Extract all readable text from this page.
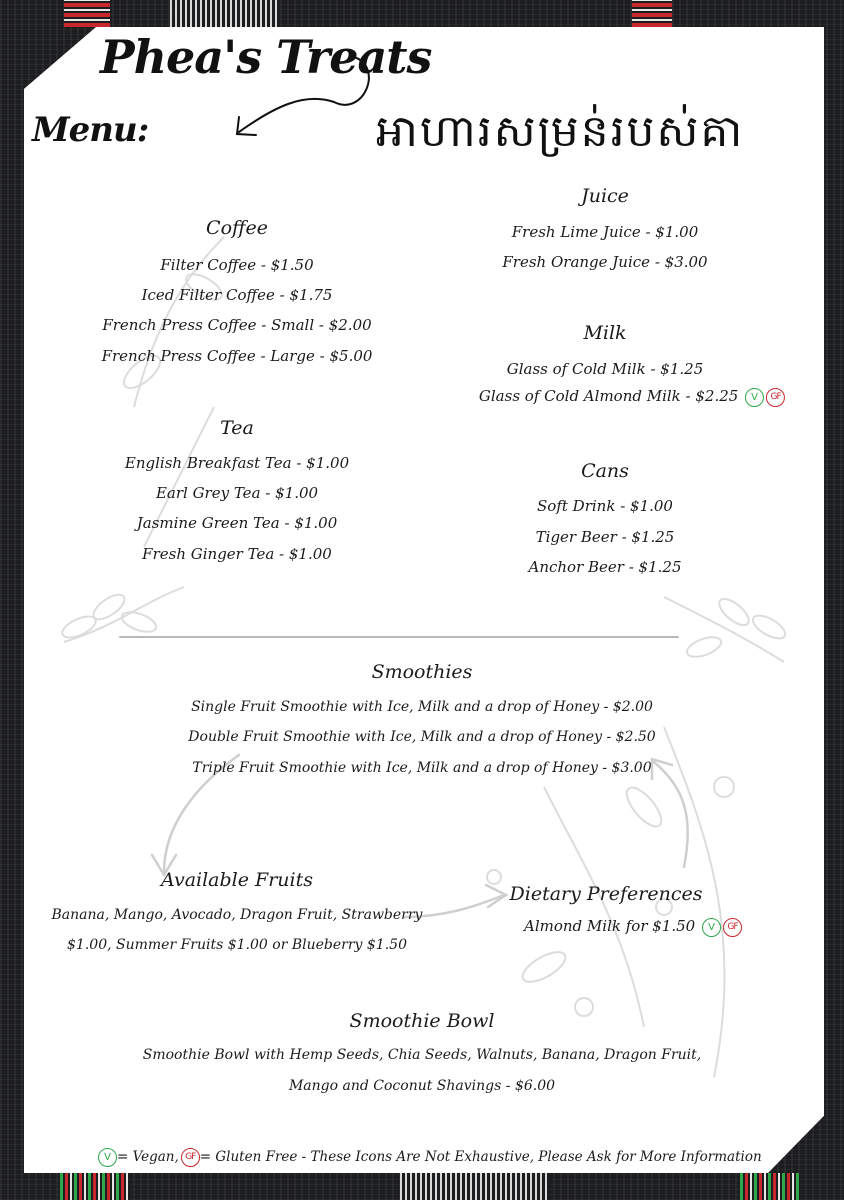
Phea's Treats
Menu:	អាហារសម្រន់របស់គា
Coffee
Filter Coffee - $1.50
Iced Filter Coffee - $1.75
French Press Coffee - Small - $2.00
French Press Coffee - Large - $5.00
Tea
English Breakfast Tea - $1.00
Earl Grey Tea - $1.00
Jasmine Green Tea - $1.00
Fresh Ginger Tea - $1.00
Juice
Fresh Lime Juice - $1.00
Fresh Orange Juice - $3.00
Milk
Glass of Cold Milk - $1.25
Glass of Cold Almond Milk - $2.25 V GF
Cans
Soft Drink - $1.00
Tiger Beer - $1.25
Anchor Beer - $1.25
Smoothies
Single Fruit Smoothie with Ice, Milk and a drop of Honey - $2.00
Double Fruit Smoothie with Ice, Milk and a drop of Honey - $2.50
Triple Fruit Smoothie with Ice, Milk and a drop of Honey - $3.00
Available Fruits
Banana, Mango, Avocado, Dragon Fruit, Strawberry
$1.00, Summer Fruits $1.00 or Blueberry $1.50
Dietary Preferences
Almond Milk for $1.50 V GF
Smoothie Bowl
Smoothie Bowl with Hemp Seeds, Chia Seeds, Walnuts, Banana, Dragon Fruit,
Mango and Coconut Shavings - $6.00
V = Vegan, GF = Gluten Free - These Icons Are Not Exhaustive, Please Ask for More Information
